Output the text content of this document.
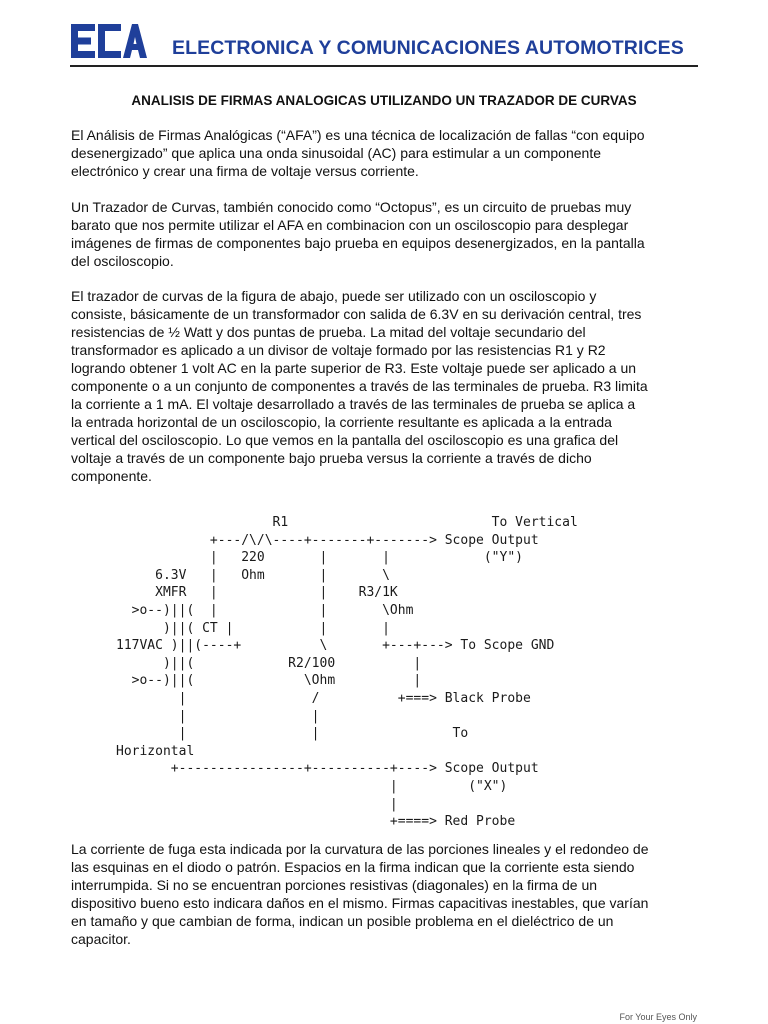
ELECTRONICA Y COMUNICACIONES AUTOMOTRICES
ANALISIS DE FIRMAS ANALOGICAS UTILIZANDO UN TRAZADOR DE CURVAS
El Análisis de Firmas Analógicas (“AFA”) es una técnica de localización de fallas “con equipo
desenergizado” que aplica una onda sinusoidal (AC) para estimular a un componente
electrónico y crear una firma de voltaje versus corriente.
Un Trazador de Curvas, también conocido como “Octopus”, es un circuito de pruebas muy
barato que nos permite utilizar el AFA en combinacion con un osciloscopio para desplegar
imágenes de firmas de componentes bajo prueba en equipos desenergizados, en la pantalla
del osciloscopio.
El trazador de curvas de la figura de abajo, puede ser utilizado con un osciloscopio y
consiste, básicamente de un transformador con salida de 6.3V en su derivación central, tres
resistencias de ½ Watt y dos puntas de prueba. La mitad del voltaje secundario del
transformador es aplicado a un divisor de voltaje formado por las resistencias R1 y R2
logrando obtener 1 volt AC en la parte superior de R3. Este voltaje puede ser aplicado a un
componente o a un conjunto de componentes a través de las terminales de prueba. R3 limita
la corriente a 1 mA. El voltaje desarrollado a través de las terminales de prueba se aplica a
la entrada horizontal de un osciloscopio, la corriente resultante es aplicada a la entrada
vertical del osciloscopio. Lo que vemos en la pantalla del osciloscopio es una grafica del
voltaje a través de un componente bajo prueba versus la corriente a través de dicho
componente.
R1                          To Vertical
+---/\/\----+-------+-------> Scope Output
|   220       |       |            ("Y")
6.3V   |   Ohm       |       \
XMFR   |             |    R3/1K
>o--)||(  |             |       \Ohm
)||( CT |           |       |
117VAC )||(----+          \       +---+---> To Scope GND
)||(            R2/100          |
>o--)||(              \Ohm          |
|                /          +===> Black Probe
|                |
|                |                 To
Horizontal
+----------------+----------+----> Scope Output
|         ("X")
|
+====> Red Probe
La corriente de fuga esta indicada por la curvatura de las porciones lineales y el redondeo de
las esquinas en el diodo o patrón. Espacios en la firma indican que la corriente esta siendo
interrumpida. Si no se encuentran porciones resistivas (diagonales) en la firma de un
dispositivo bueno esto indicara daños en el mismo. Firmas capacitivas inestables, que varían
en tamaño y que cambian de forma, indican un posible problema en el dieléctrico de un
capacitor.
For Your Eyes Only
